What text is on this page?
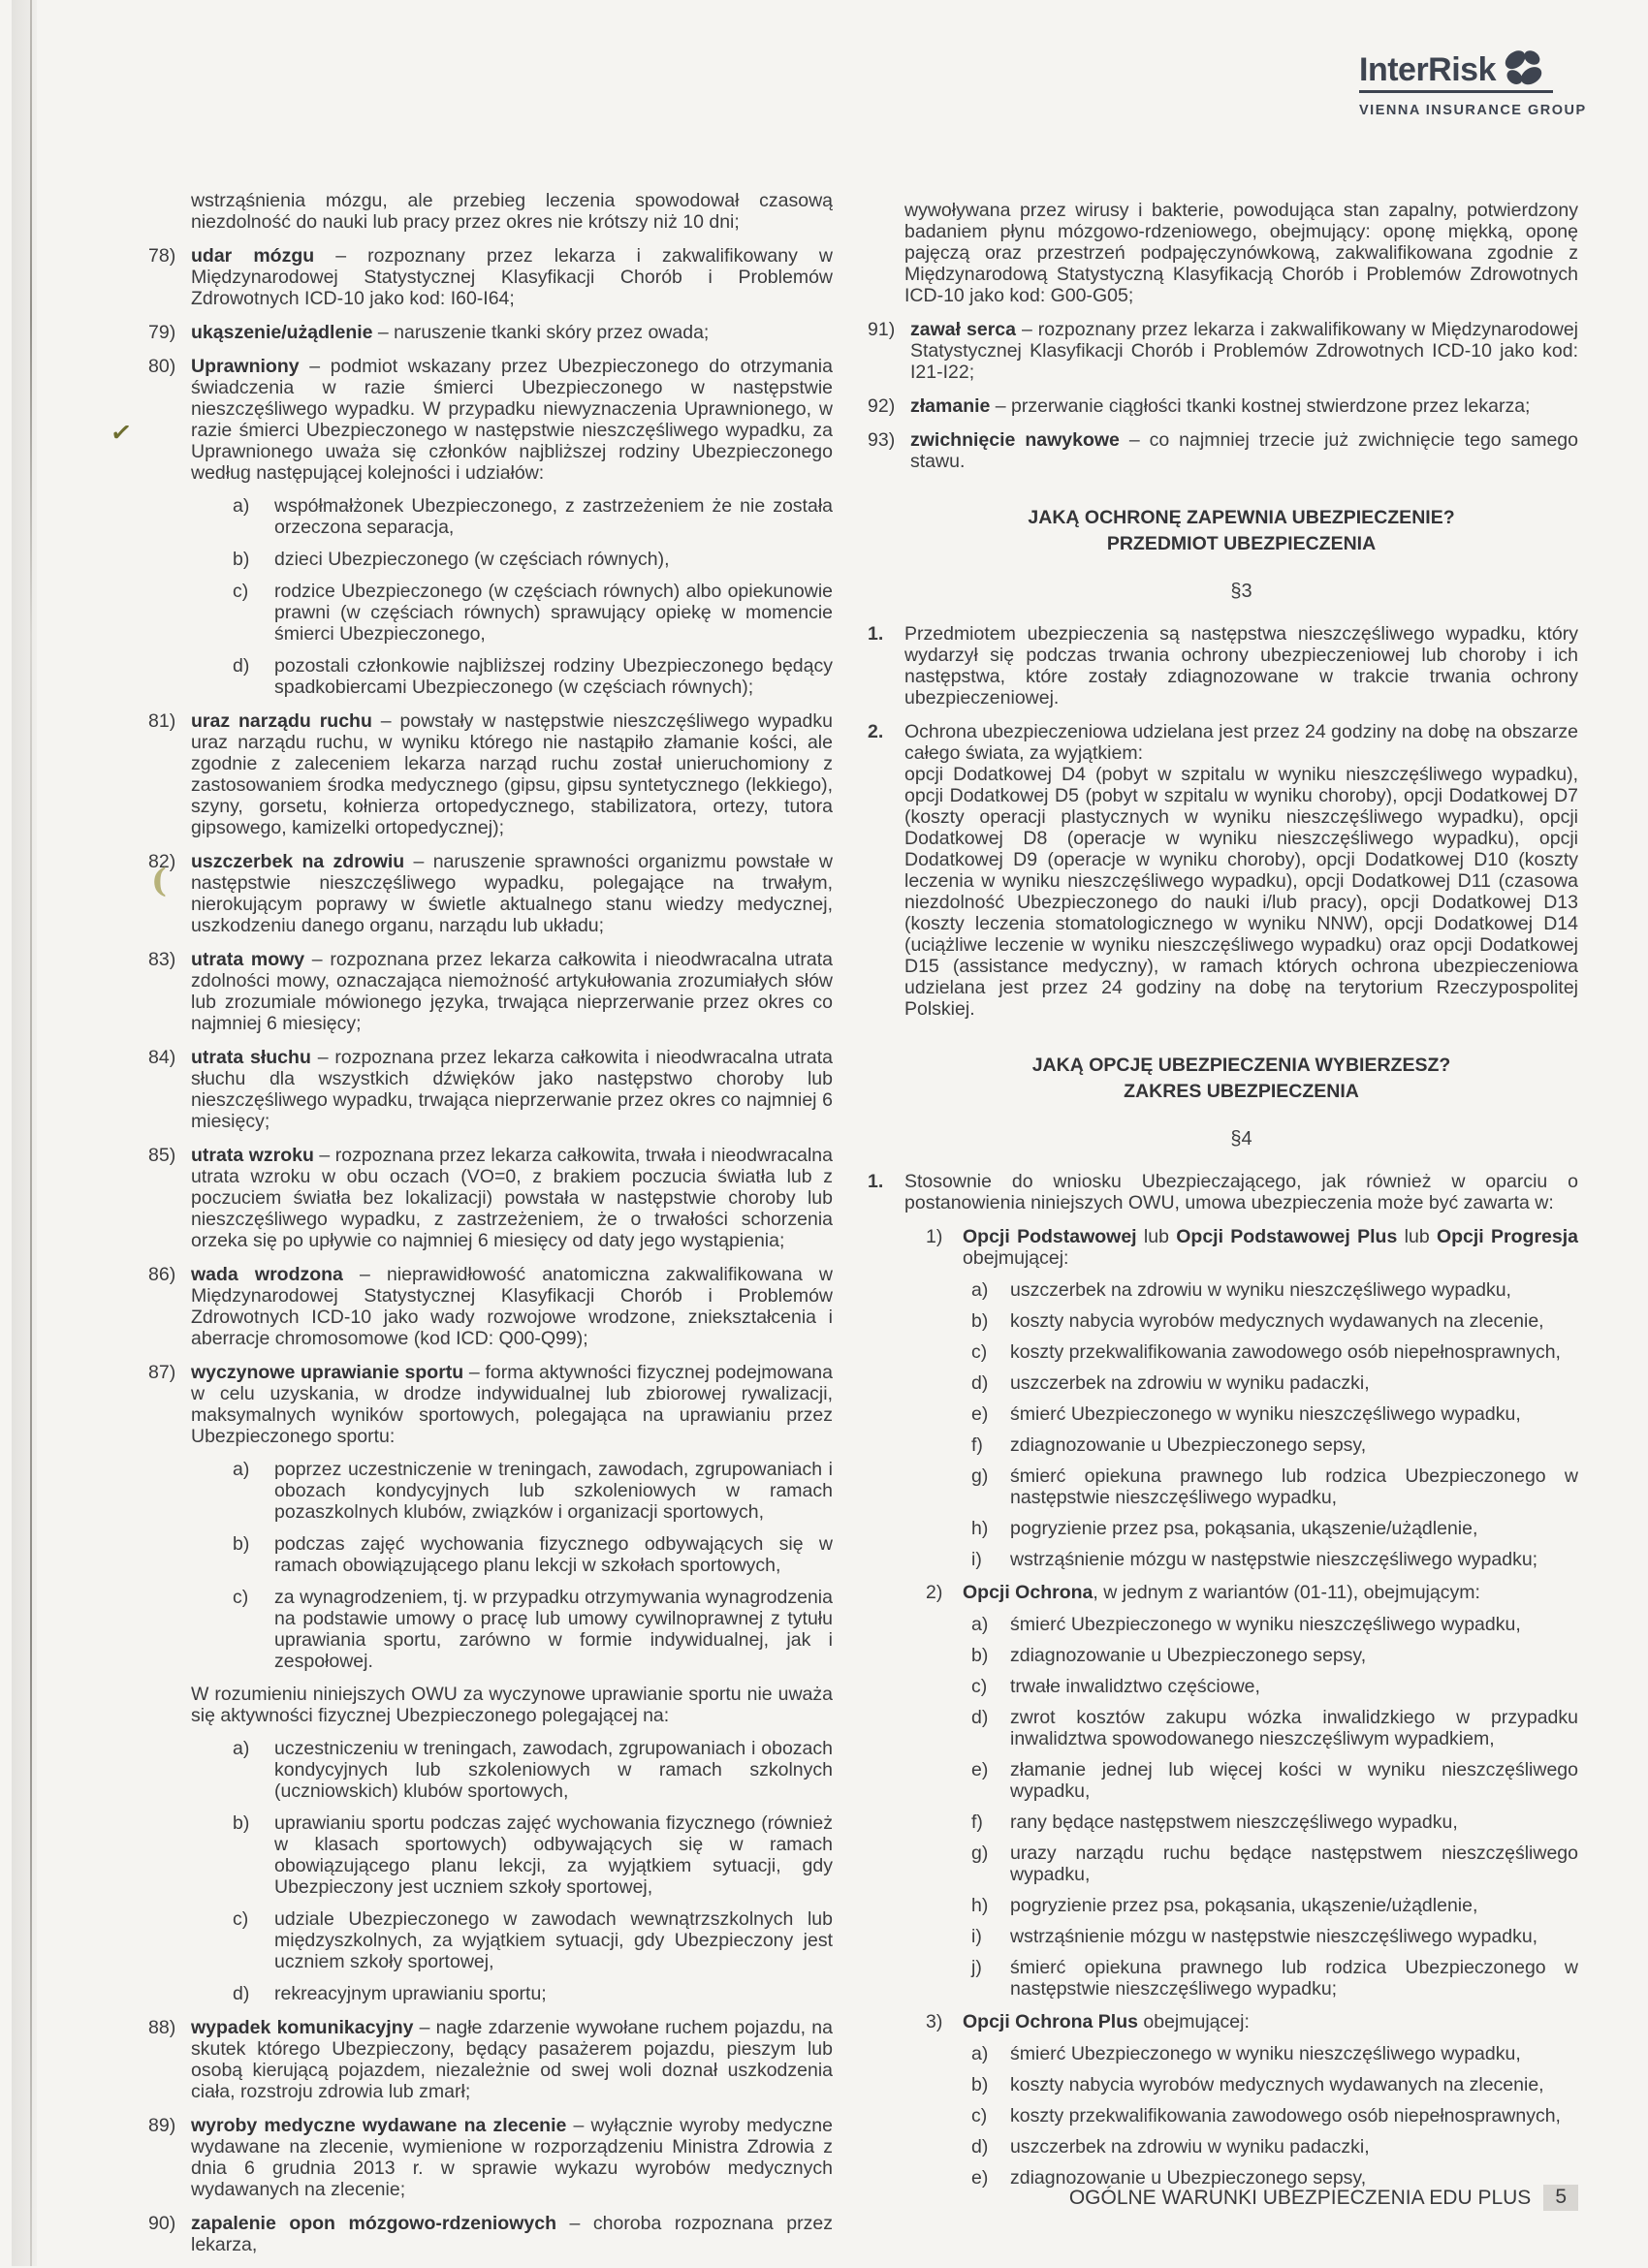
InterRisk
VIENNA INSURANCE GROUP

wstrząśnienia mózgu, ale przebieg leczenia spowodował czasową niezdolność do nauki lub pracy przez okres nie krótszy niż 10 dni;

78) udar mózgu – rozpoznany przez lekarza i zakwalifikowany w Międzynarodowej Statystycznej Klasyfikacji Chorób i Problemów Zdrowotnych ICD-10 jako kod: I60-I64;

79) ukąszenie/użądlenie – naruszenie tkanki skóry przez owada;

80) Uprawniony – podmiot wskazany przez Ubezpieczonego do otrzymania świadczenia w razie śmierci Ubezpieczonego w następstwie nieszczęśliwego wypadku. W przypadku niewyznaczenia Uprawnionego, w razie śmierci Ubezpieczonego w następstwie nieszczęśliwego wypadku, za Uprawnionego uważa się członków najbliższej rodziny Ubezpieczonego według następującej kolejności i udziałów:

a) współmałżonek Ubezpieczonego, z zastrzeżeniem że nie została orzeczona separacja,

b) dzieci Ubezpieczonego (w częściach równych),

c) rodzice Ubezpieczonego (w częściach równych) albo opiekunowie prawni (w częściach równych) sprawujący opiekę w momencie śmierci Ubezpieczonego,

d) pozostali członkowie najbliższej rodziny Ubezpieczonego będący spadkobiercami Ubezpieczonego (w częściach równych);

81) uraz narządu ruchu – powstały w następstwie nieszczęśliwego wypadku uraz narządu ruchu, w wyniku którego nie nastąpiło złamanie kości, ale zgodnie z zaleceniem lekarza narząd ruchu został unieruchomiony z zastosowaniem środka medycznego (gipsu, gipsu syntetycznego (lekkiego), szyny, gorsetu, kołnierza ortopedycznego, stabilizatora, ortezy, tutora gipsowego, kamizelki ortopedycznej);

82) uszczerbek na zdrowiu – naruszenie sprawności organizmu powstałe w następstwie nieszczęśliwego wypadku, polegające na trwałym, nierokującym poprawy w świetle aktualnego stanu wiedzy medycznej, uszkodzeniu danego organu, narządu lub układu;

83) utrata mowy – rozpoznana przez lekarza całkowita i nieodwracalna utrata zdolności mowy, oznaczająca niemożność artykułowania zrozumiałych słów lub zrozumiale mówionego języka, trwająca nieprzerwanie przez okres co najmniej 6 miesięcy;

84) utrata słuchu – rozpoznana przez lekarza całkowita i nieodwracalna utrata słuchu dla wszystkich dźwięków jako następstwo choroby lub nieszczęśliwego wypadku, trwająca nieprzerwanie przez okres co najmniej 6 miesięcy;

85) utrata wzroku – rozpoznana przez lekarza całkowita, trwała i nieodwracalna utrata wzroku w obu oczach (VO=0, z brakiem poczucia światła lub z poczuciem światła bez lokalizacji) powstała w następstwie choroby lub nieszczęśliwego wypadku, z zastrzeżeniem, że o trwałości schorzenia orzeka się po upływie co najmniej 6 miesięcy od daty jego wystąpienia;

86) wada wrodzona – nieprawidłowość anatomiczna zakwalifikowana w Międzynarodowej Statystycznej Klasyfikacji Chorób i Problemów Zdrowotnych ICD-10 jako wady rozwojowe wrodzone, zniekształcenia i aberracje chromosomowe (kod ICD: Q00-Q99);

87) wyczynowe uprawianie sportu – forma aktywności fizycznej podejmowana w celu uzyskania, w drodze indywidualnej lub zbiorowej rywalizacji, maksymalnych wyników sportowych, polegająca na uprawianiu przez Ubezpieczonego sportu:

a) poprzez uczestniczenie w treningach, zawodach, zgrupowaniach i obozach kondycyjnych lub szkoleniowych w ramach pozaszkolnych klubów, związków i organizacji sportowych,

b) podczas zajęć wychowania fizycznego odbywających się w ramach obowiązującego planu lekcji w szkołach sportowych,

c) za wynagrodzeniem, tj. w przypadku otrzymywania wynagrodzenia na podstawie umowy o pracę lub umowy cywilnoprawnej z tytułu uprawiania sportu, zarówno w formie indywidualnej, jak i zespołowej.

W rozumieniu niniejszych OWU za wyczynowe uprawianie sportu nie uważa się aktywności fizycznej Ubezpieczonego polegającej na:

a) uczestniczeniu w treningach, zawodach, zgrupowaniach i obozach kondycyjnych lub szkoleniowych w ramach szkolnych (uczniowskich) klubów sportowych,

b) uprawianiu sportu podczas zajęć wychowania fizycznego (również w klasach sportowych) odbywających się w ramach obowiązującego planu lekcji, za wyjątkiem sytuacji, gdy Ubezpieczony jest uczniem szkoły sportowej,

c) udziale Ubezpieczonego w zawodach wewnątrzszkolnych lub międzyszkolnych, za wyjątkiem sytuacji, gdy Ubezpieczony jest uczniem szkoły sportowej,

d) rekreacyjnym uprawianiu sportu;

88) wypadek komunikacyjny – nagłe zdarzenie wywołane ruchem pojazdu, na skutek którego Ubezpieczony, będący pasażerem pojazdu, pieszym lub osobą kierującą pojazdem, niezależnie od swej woli doznał uszkodzenia ciała, rozstroju zdrowia lub zmarł;

89) wyroby medyczne wydawane na zlecenie – wyłącznie wyroby medyczne wydawane na zlecenie, wymienione w rozporządzeniu Ministra Zdrowia z dnia 6 grudnia 2013 r. w sprawie wykazu wyrobów medycznych wydawanych na zlecenie;

90) zapalenie opon mózgowo-rdzeniowych – choroba rozpoznana przez lekarza,

wywoływana przez wirusy i bakterie, powodująca stan zapalny, potwierdzony badaniem płynu mózgowo-rdzeniowego, obejmujący: oponę miękką, oponę pajęczą oraz przestrzeń podpajęczynówkową, zakwalifikowana zgodnie z Międzynarodową Statystyczną Klasyfikacją Chorób i Problemów Zdrowotnych ICD-10 jako kod: G00-G05;

91) zawał serca – rozpoznany przez lekarza i zakwalifikowany w Międzynarodowej Statystycznej Klasyfikacji Chorób i Problemów Zdrowotnych ICD-10 jako kod: I21-I22;

92) złamanie – przerwanie ciągłości tkanki kostnej stwierdzone przez lekarza;

93) zwichnięcie nawykowe – co najmniej trzecie już zwichnięcie tego samego stawu.

JAKĄ OCHRONĘ ZAPEWNIA UBEZPIECZENIE?
PRZEDMIOT UBEZPIECZENIA
§3
1. Przedmiotem ubezpieczenia są następstwa nieszczęśliwego wypadku, który wydarzył się podczas trwania ochrony ubezpieczeniowej lub choroby i ich następstwa, które zostały zdiagnozowane w trakcie trwania ochrony ubezpieczeniowej.

2. Ochrona ubezpieczeniowa udzielana jest przez 24 godziny na dobę na obszarze całego świata, za wyjątkiem:

opcji Dodatkowej D4 (pobyt w szpitalu w wyniku nieszczęśliwego wypadku), opcji Dodatkowej D5 (pobyt w szpitalu w wyniku choroby), opcji Dodatkowej D7 (koszty operacji plastycznych w wyniku nieszczęśliwego wypadku), opcji Dodatkowej D8 (operacje w wyniku nieszczęśliwego wypadku), opcji Dodatkowej D9 (operacje w wyniku choroby), opcji Dodatkowej D10 (koszty leczenia w wyniku nieszczęśliwego wypadku), opcji Dodatkowej D11 (czasowa niezdolność Ubezpieczonego do nauki i/lub pracy), opcji Dodatkowej D13 (koszty leczenia stomatologicznego w wyniku NNW), opcji Dodatkowej D14 (uciążliwe leczenie w wyniku nieszczęśliwego wypadku) oraz opcji Dodatkowej D15 (assistance medyczny), w ramach których ochrona ubezpieczeniowa udzielana jest przez 24 godziny na dobę na terytorium Rzeczypospolitej Polskiej.

JAKĄ OPCJĘ UBEZPIECZENIA WYBIERZESZ?
ZAKRES UBEZPIECZENIA
§4
1. Stosownie do wniosku Ubezpieczającego, jak również w oparciu o postanowienia niniejszych OWU, umowa ubezpieczenia może być zawarta w:

1) Opcji Podstawowej lub Opcji Podstawowej Plus lub Opcji Progresja obejmującej:

a) uszczerbek na zdrowiu w wyniku nieszczęśliwego wypadku,

b) koszty nabycia wyrobów medycznych wydawanych na zlecenie,

c) koszty przekwalifikowania zawodowego osób niepełnosprawnych,

d) uszczerbek na zdrowiu w wyniku padaczki,

e) śmierć Ubezpieczonego w wyniku nieszczęśliwego wypadku,

f) zdiagnozowanie u Ubezpieczonego sepsy,

g) śmierć opiekuna prawnego lub rodzica Ubezpieczonego w następstwie nieszczęśliwego wypadku,

h) pogryzienie przez psa, pokąsania, ukąszenie/użądlenie,

i) wstrząśnienie mózgu w następstwie nieszczęśliwego wypadku;

2) Opcji Ochrona, w jednym z wariantów (01-11), obejmującym:

a) śmierć Ubezpieczonego w wyniku nieszczęśliwego wypadku,

b) zdiagnozowanie u Ubezpieczonego sepsy,

c) trwałe inwalidztwo częściowe,

d) zwrot kosztów zakupu wózka inwalidzkiego w przypadku inwalidztwa spowodowanego nieszczęśliwym wypadkiem,

e) złamanie jednej lub więcej kości w wyniku nieszczęśliwego wypadku,

f) rany będące następstwem nieszczęśliwego wypadku,

g) urazy narządu ruchu będące następstwem nieszczęśliwego wypadku,

h) pogryzienie przez psa, pokąsania, ukąszenie/użądlenie,

i) wstrząśnienie mózgu w następstwie nieszczęśliwego wypadku,

j) śmierć opiekuna prawnego lub rodzica Ubezpieczonego w następstwie nieszczęśliwego wypadku;

3) Opcji Ochrona Plus obejmującej:

a) śmierć Ubezpieczonego w wyniku nieszczęśliwego wypadku,

b) koszty nabycia wyrobów medycznych wydawanych na zlecenie,

c) koszty przekwalifikowania zawodowego osób niepełnosprawnych,

d) uszczerbek na zdrowiu w wyniku padaczki,

e) zdiagnozowanie u Ubezpieczonego sepsy,

✓
(
OGÓLNE WARUNKI UBEZPIECZENIA EDU PLUS	5
